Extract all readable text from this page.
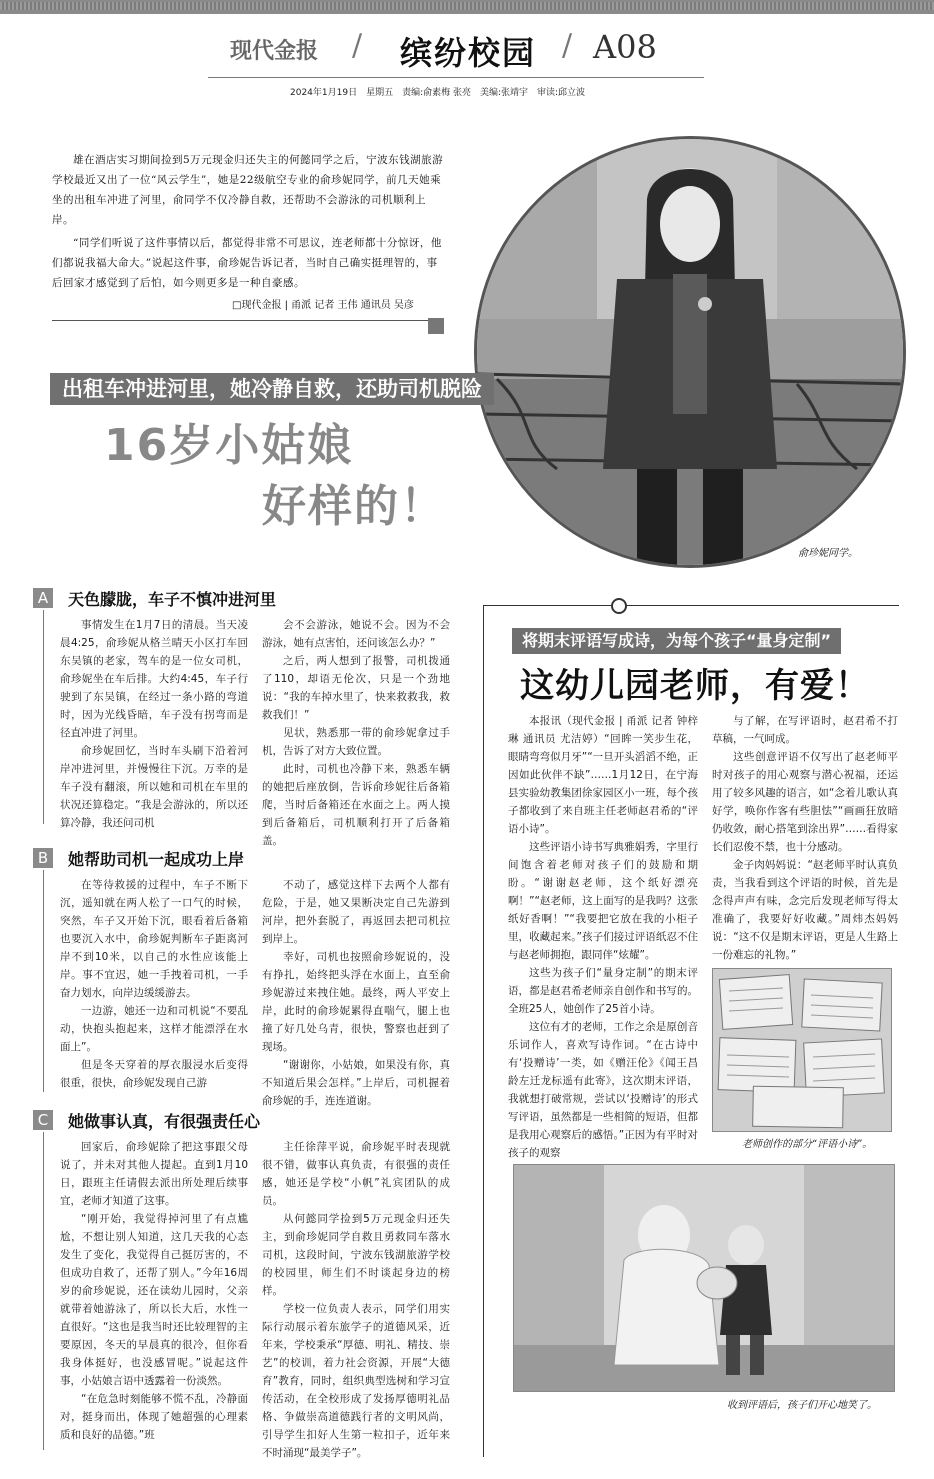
现代金报 / 缤纷校园 / A08
2024年1月19日　星期五　责编:俞素梅 张亮　美编:张靖宇　审读:邱立波

雄在酒店实习期间捡到5万元现金归还失主的何懿同学之后，宁波东钱湖旅游学校最近又出了一位“风云学生”，她是22级航空专业的俞珍妮同学，前几天她乘坐的出租车冲进了河里，俞同学不仅冷静自救，还帮助不会游泳的司机顺利上岸。

“同学们听说了这件事情以后，都觉得非常不可思议，连老师都十分惊讶，他们都说我福大命大。”说起这件事，俞珍妮告诉记者，当时自己确实挺理智的，事后回家才感觉到了后怕，如今则更多是一种自豪感。

□现代金报 | 甬派 记者 王伟 通讯员 吴彦
俞珍妮同学。
出租车冲进河里，她冷静自救，还助司机脱险
16岁小姑娘
好样的！
A	天色朦胧，车子不慎冲进河里

事情发生在1月7日的清晨。当天凌晨4:25，俞珍妮从格兰晴天小区打车回东吴镇的老家，驾车的是一位女司机，俞珍妮坐在车后排。大约4:45，车子行驶到了东吴镇，在经过一条小路的弯道时，因为光线昏暗，车子没有拐弯而是径直冲进了河里。

俞珍妮回忆，当时车头刷下沿着河岸冲进河里，并慢慢往下沉。万幸的是车子没有翻滚，所以她和司机在车里的状况还算稳定。“我是会游泳的，所以还算冷静，我还问司机

会不会游泳，她说不会。因为不会游泳，她有点害怕，还问该怎么办？”

之后，两人想到了报警，司机拨通了110，却语无伦次，只是一个劲地说：“我的车掉水里了，快来救救我，救救我们！”

见状，熟悉那一带的俞珍妮拿过手机，告诉了对方大致位置。

此时，司机也冷静下来，熟悉车辆的她把后座放倒，告诉俞珍妮往后备箱爬，当时后备箱还在水面之上。两人摸到后备箱后，司机顺利打开了后备箱盖。

B	她帮助司机一起成功上岸

在等待救援的过程中，车子不断下沉，遥知就在两人松了一口气的时候，突然，车子又开始下沉，眼看着后备箱也要沉入水中，俞珍妮判断车子距离河岸不到10米，以自己的水性应该能上岸。事不宜迟，她一手拽着司机，一手奋力划水，向岸边缓缓游去。

一边游，她还一边和司机说“不要乱动，快抱头抱起来，这样才能漂浮在水面上”。

但是冬天穿着的厚衣服浸水后变得很重，很快，俞珍妮发现自己游

不动了，感觉这样下去两个人都有危险，于是，她又果断决定自己先游到河岸，把外套脱了，再返回去把司机拉到岸上。

幸好，司机也按照俞珍妮说的，没有挣扎，始终把头浮在水面上，直至俞珍妮游过来拽住她。最终，两人平安上岸，此时的俞珍妮累得直喘气，腿上也撞了好几处乌青，很快，警察也赶到了现场。

“谢谢你，小姑娘，如果没有你，真不知道后果会怎样。”上岸后，司机握着俞珍妮的手，连连道谢。

C 她做事认真，有很强责任心

回家后，俞珍妮除了把这事跟父母说了，并未对其他人提起。直到1月10日，跟班主任请假去派出所处理后续事宜，老师才知道了这事。

“刚开始，我觉得掉河里了有点尴尬，不想让别人知道，这几天我的心态发生了变化，我觉得自己挺厉害的，不但成功自救了，还帮了别人。”今年16周岁的俞珍妮说，还在读幼儿园时，父亲就带着她游泳了，所以长大后，水性一直很好。“这也是我当时还比较理智的主要原因，冬天的早晨真的很冷，但你看我身体挺好，也没感冒呢。”说起这件事，小姑娘言语中透露着一份淡然。

“在危急时刻能够不慌不乱，冷静面对，挺身而出，体现了她超强的心理素质和良好的品德。”班

主任徐萍平说，俞珍妮平时表现就很不错，做事认真负责，有很强的责任感，她还是学校“小帆”礼宾团队的成员。

从何懿同学捡到5万元现金归还失主，到俞珍妮同学自救且勇救同车落水司机，这段时间，宁波东钱湖旅游学校的校园里，师生们不时谈起身边的榜样。

学校一位负责人表示，同学们用实际行动展示着东旅学子的道德风采，近年来，学校秉承“厚德、明礼、精技、崇艺”的校训，着力社会资源，开展“大德育”教育，同时，组织典型选树和学习宣传活动，在全校形成了发扬厚德明礼品格、争做崇高道德践行者的文明风尚，引导学生扣好人生第一粒扣子，近年来不时涌现“最美学子”。

将期末评语写成诗，为每个孩子“量身定制”
这幼儿园老师，有爱！

本报讯（现代金报 | 甬派 记者 钟梓琳 通讯员 尤洁婷）“回眸一笑步生花，眼睛弯弯似月牙”“一旦开头滔滔不绝，正因如此伙伴不缺”……1月12日，在宁海县实验幼教集团徐家园区小一班，每个孩子都收到了来自班主任老师赵君希的“评语小诗”。

这些评语小诗书写典雅娟秀，字里行间饱含着老师对孩子们的鼓励和期盼。“谢谢赵老师，这个纸好漂亮啊！”“赵老师，这上面写的是我吗？这张纸好香啊！”“我要把它放在我的小柜子里，收藏起来。”孩子们接过评语纸忍不住与赵老师拥抱，跟同伴“炫耀”。

这些为孩子们“量身定制”的期末评语，都是赵君希老师亲自创作和书写的。全班25人，她创作了25首小诗。

这位有才的老师，工作之余是原创音乐词作人，喜欢写诗作词。“在古诗中有‘投赠诗’一类，如《赠汪伦》《闻王昌龄左迁龙标遥有此寄》，这次期末评语，我就想打破常规，尝试以‘投赠诗’的形式写评语，虽然都是一些相简的短语，但都是我用心观察后的感悟。”正因为有平时对孩子的观察

与了解，在写评语时，赵君希不打草稿，一气呵成。

这些创意评语不仅写出了赵老师平时对孩子的用心观察与潜心祝福，还运用了较多风趣的语言，如“念着儿歌认真好学，唤你作客有些胆怯”“画画狂放暗仍收敛，耐心搭笔到涂出界”……看得家长们忍俊不禁，也十分感动。

金子肉妈妈说：“赵老师平时认真负责，当我看到这个评语的时候，首先是念得声声有味，念完后发现老师写得太准确了，我要好好收藏。”周炜杰妈妈说：“这不仅是期末评语，更是人生路上一份难忘的礼物。”

老师创作的部分“评语小诗”。
收到评语后，孩子们开心地笑了。
